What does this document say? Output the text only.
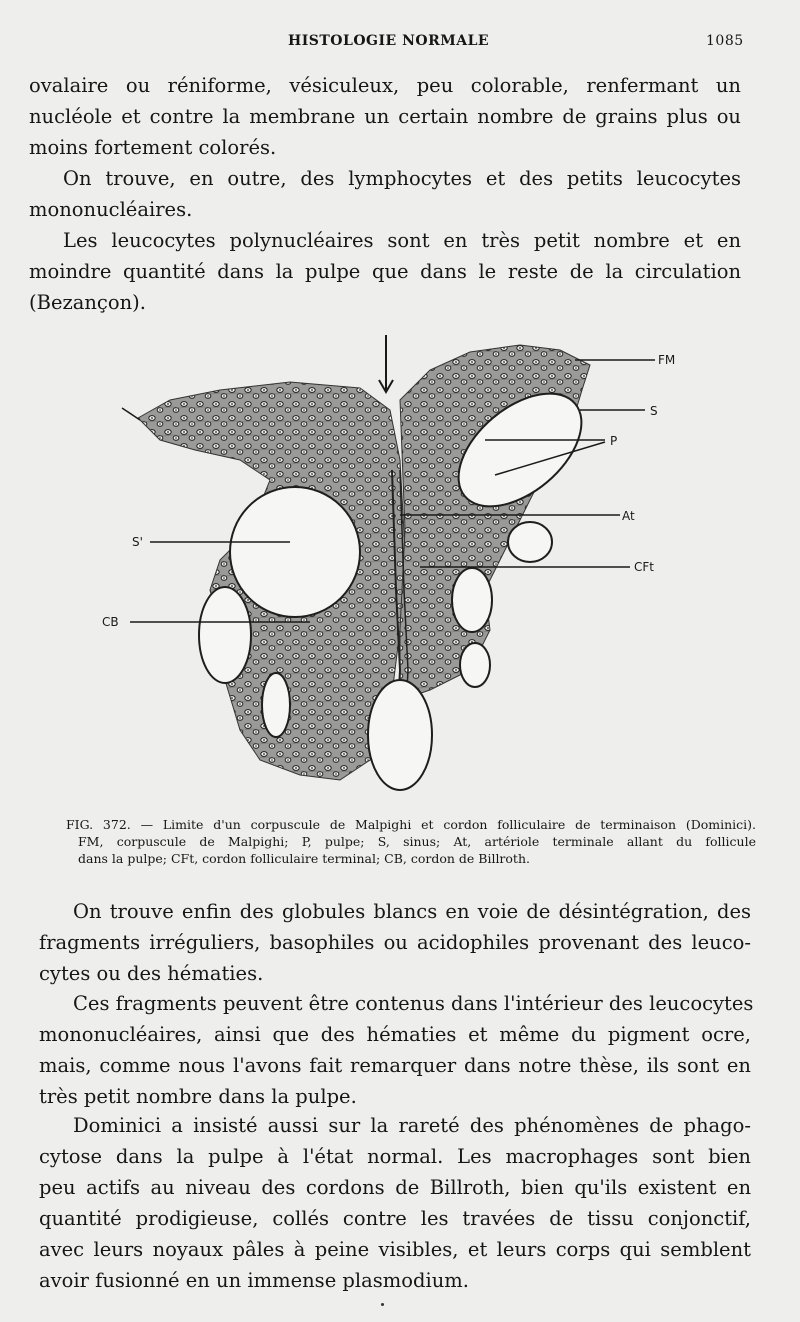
HISTOLOGIE NORMALE	1085

ovalaire ou réniforme, vésiculeux, peu colorable, renfermant un
nucléole et contre la membrane un certain nombre de grains plus ou
moins fortement colorés.

On trouve, en outre, des lymphocytes et des petits leucocytes
mononucléaires.

Les leucocytes polynucléaires sont en très petit nombre et en
moindre quantité dans la pulpe que dans le reste de la circulation
(Bezançon).

FM
S
P
At
CFt
S'
CB

FIG. 372. — Limite d'un corpuscule de Malpighi et cordon folliculaire de terminaison (Dominici).
FM, corpuscule de Malpighi; P, pulpe; S, sinus; At, artériole terminale allant du follicule
dans la pulpe; CFt, cordon folliculaire terminal; CB, cordon de Billroth.

On trouve enfin des globules blancs en voie de désintégration, des
fragments irréguliers, basophiles ou acidophiles provenant des leuco-
cytes ou des hématies.

Ces fragments peuvent être contenus dans l'intérieur des leucocytes
mononucléaires, ainsi que des hématies et même du pigment ocre,
mais, comme nous l'avons fait remarquer dans notre thèse, ils sont en
très petit nombre dans la pulpe.

Dominici a insisté aussi sur la rareté des phénomènes de phago-
cytose dans la pulpe à l'état normal. Les macrophages sont bien
peu actifs au niveau des cordons de Billroth, bien qu'ils existent en
quantité prodigieuse, collés contre les travées de tissu conjonctif,
avec leurs noyaux pâles à peine visibles, et leurs corps qui semblent
avoir fusionné en un immense plasmodium.
